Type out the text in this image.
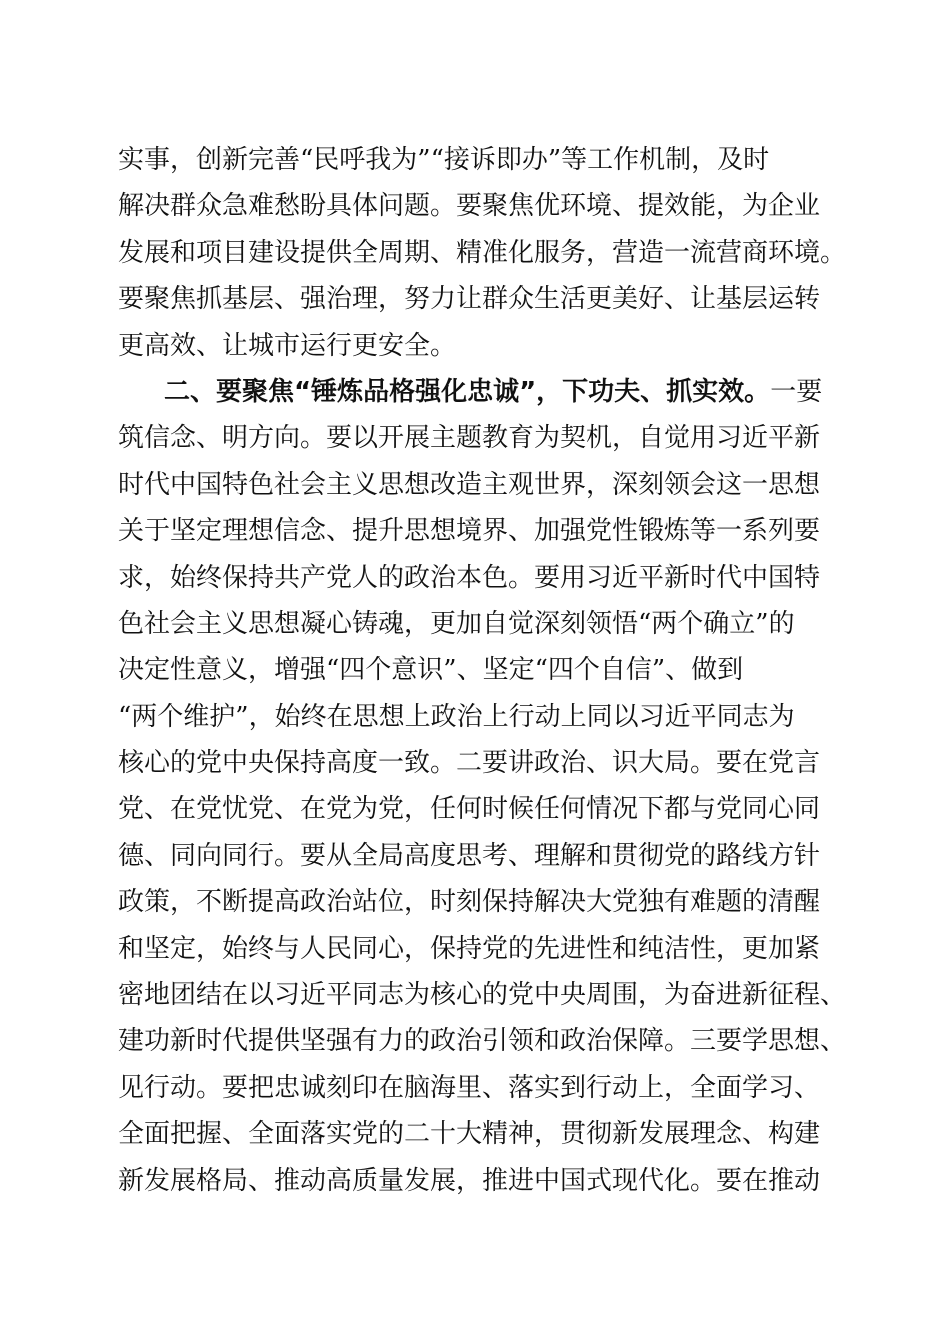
实事，创新完善“民呼我为”“接诉即办”等工作机制，及时
解决群众急难愁盼具体问题。要聚焦优环境、提效能，为企业
发展和项目建设提供全周期、精准化服务，营造一流营商环境。
要聚焦抓基层、强治理，努力让群众生活更美好、让基层运转
更高效、让城市运行更安全。
二、要聚焦“锤炼品格强化忠诚”，下功夫、抓实效。一要
筑信念、明方向。要以开展主题教育为契机，自觉用习近平新
时代中国特色社会主义思想改造主观世界，深刻领会这一思想
关于坚定理想信念、提升思想境界、加强党性锻炼等一系列要
求，始终保持共产党人的政治本色。要用习近平新时代中国特
色社会主义思想凝心铸魂，更加自觉深刻领悟“两个确立”的
决定性意义，增强“四个意识”、坚定“四个自信”、做到
“两个维护”，始终在思想上政治上行动上同以习近平同志为
核心的党中央保持高度一致。二要讲政治、识大局。要在党言
党、在党忧党、在党为党，任何时候任何情况下都与党同心同
德、同向同行。要从全局高度思考、理解和贯彻党的路线方针
政策，不断提高政治站位，时刻保持解决大党独有难题的清醒
和坚定，始终与人民同心，保持党的先进性和纯洁性，更加紧
密地团结在以习近平同志为核心的党中央周围，为奋进新征程、
建功新时代提供坚强有力的政治引领和政治保障。三要学思想、
见行动。要把忠诚刻印在脑海里、落实到行动上，全面学习、
全面把握、全面落实党的二十大精神，贯彻新发展理念、构建
新发展格局、推动高质量发展，推进中国式现代化。要在推动
